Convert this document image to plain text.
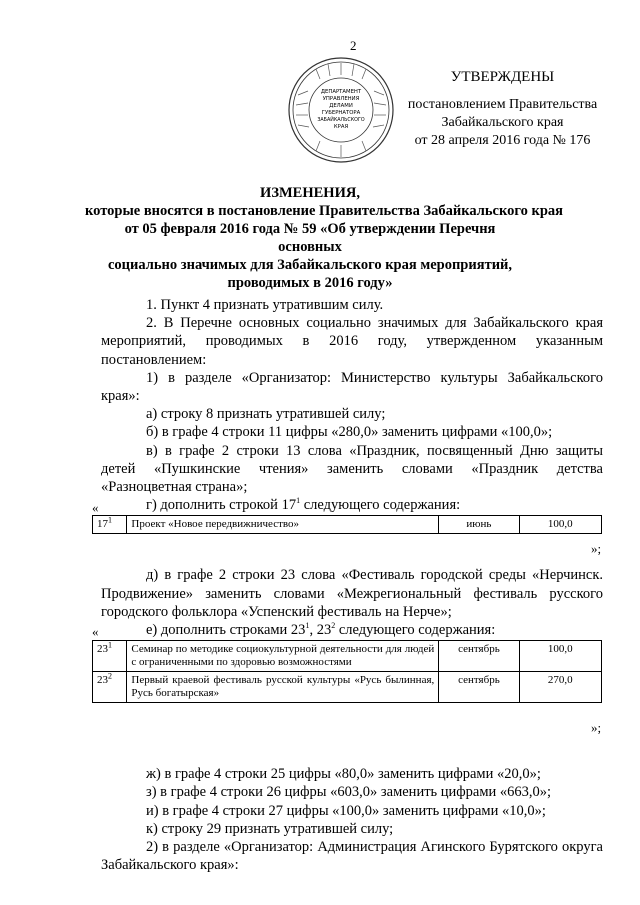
2
ДЕПАРТАМЕНТ
УПРАВЛЕНИЯ
ДЕЛАМИ
ГУБЕРНАТОРА
ЗАБАЙКАЛЬСКОГО
КРАЯ
УТВЕРЖДЕНЫ
постановлением Правительства
Забайкальского края
от 28 апреля 2016 года № 176
ИЗМЕНЕНИЯ,
которые вносятся в постановление Правительства Забайкальского края
от 05 февраля 2016 года № 59 «Об утверждении Перечня основных
социально значимых для Забайкальского края мероприятий,
проводимых в 2016 году»

1. Пункт 4 признать утратившим силу.

2. В Перечне основных социально значимых для Забайкальского края мероприятий, проводимых в 2016 году, утвержденном указанным постановлением:

1) в разделе «Организатор: Министерство культуры Забайкальского края»:

а) строку 8 признать утратившей силу;

б) в графе 4 строки 11 цифры «280,0» заменить цифрами «100,0»;

в) в графе 2 строки 13 слова «Праздник, посвященный Дню защиты детей «Пушкинские чтения» заменить словами «Праздник детства «Разноцветная страна»;

г) дополнить строкой $17^1$ следующего содержания:

д) в графе 2 строки 23 слова «Фестиваль городской среды «Нерчинск. Продвижение» заменить словами «Межрегиональный фестиваль русского городского фольклора «Успенский фестиваль на Нерче»;

е) дополнить строками $23^1$, $23^2$ следующего содержания:

ж) в графе 4 строки 25 цифры «80,0» заменить цифрами «20,0»;

з) в графе 4 строки 26 цифры «603,0» заменить цифрами «663,0»;

и) в графе 4 строки 27 цифры «100,0» заменить цифрами «10,0»;

к) строку 29 признать утратившей силу;

2) в разделе «Организатор: Администрация Агинского Бурятского округа Забайкальского края»:

«
$17^1$	Проект «Новое передвижничество»	июнь	100,0
»;
«
$23^1$	Семинар по методике социокультурной деятельности для людей с ограниченными по здоровью возможностями	сентябрь	100,0
$23^2$	Первый краевой фестиваль русской культуры «Русь былинная, Русь богатырская»	сентябрь	270,0
»;
